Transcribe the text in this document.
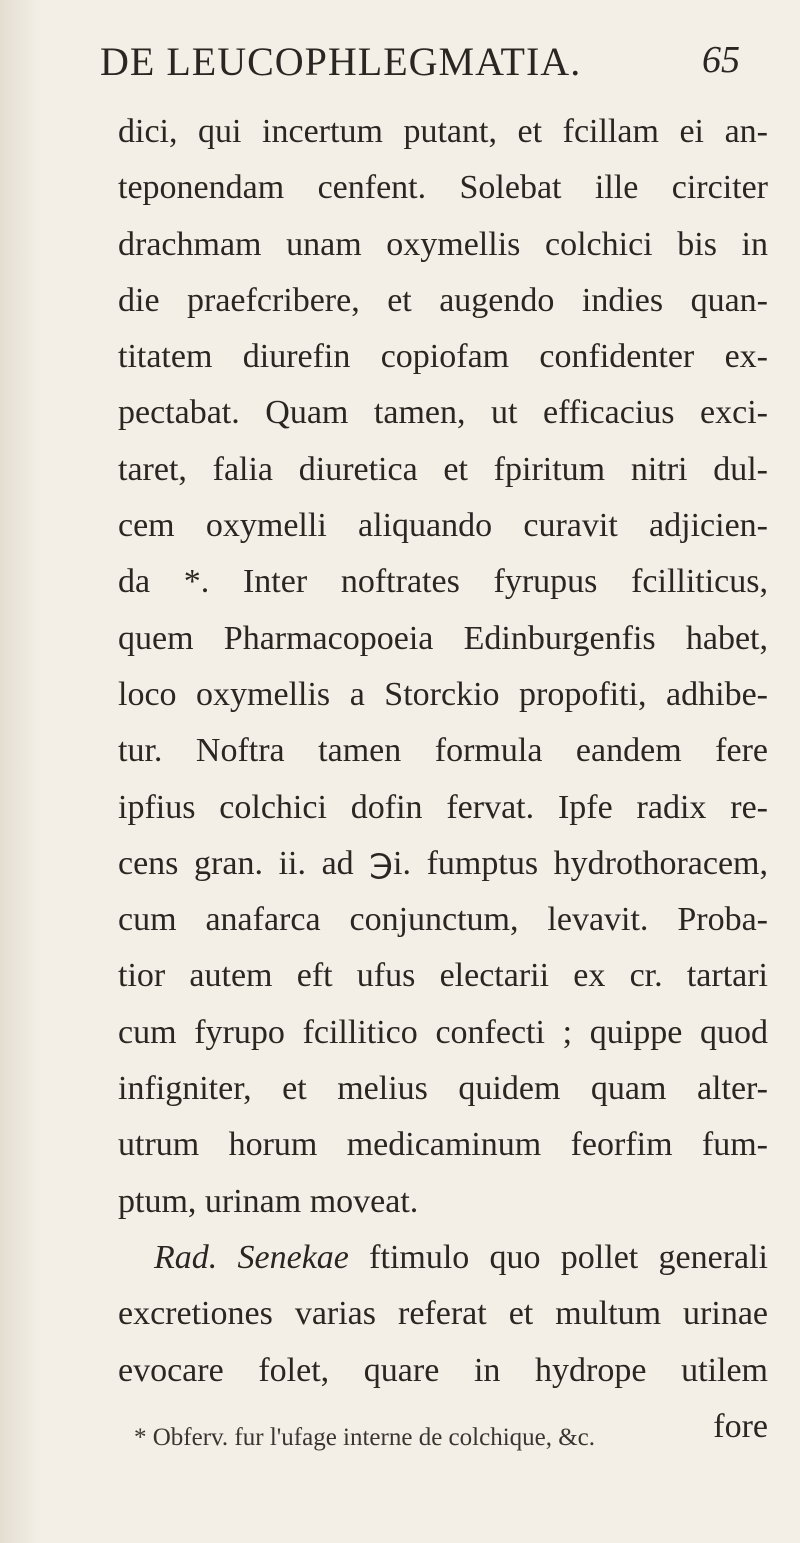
DE LEUCOPHLEGMATIA.	65
dici, qui incertum putant, et fcillam ei an-
teponendam cenfent. Solebat ille circiter
drachmam unam oxymellis colchici bis in
die praefcribere, et augendo indies quan-
titatem diurefin copiofam confidenter ex-
pectabat. Quam tamen, ut efficacius exci-
taret, falia diuretica et fpiritum nitri dul-
cem oxymelli aliquando curavit adjicien-
da *. Inter noftrates fyrupus fcilliticus,
quem Pharmacopoeia Edinburgenfis habet,
loco oxymellis a Storckio propofiti, adhibe-
tur. Noftra tamen formula eandem fere
ipfius colchici dofin fervat. Ipfe radix re-
cens gran. ii. ad ℈i. fumptus hydrothoracem,
cum anafarca conjunctum, levavit. Proba-
tior autem eft ufus electarii ex cr. tartari
cum fyrupo fcillitico confecti ; quippe quod
infigniter, et melius quidem quam alter-
utrum horum medicaminum feorfim fum-
ptum, urinam moveat.
Rad. Senekae ftimulo quo pollet generali
excretiones varias referat et multum urinae
evocare folet, quare in hydrope utilem
fore
* Obferv. fur l'ufage interne de colchique, &c.
